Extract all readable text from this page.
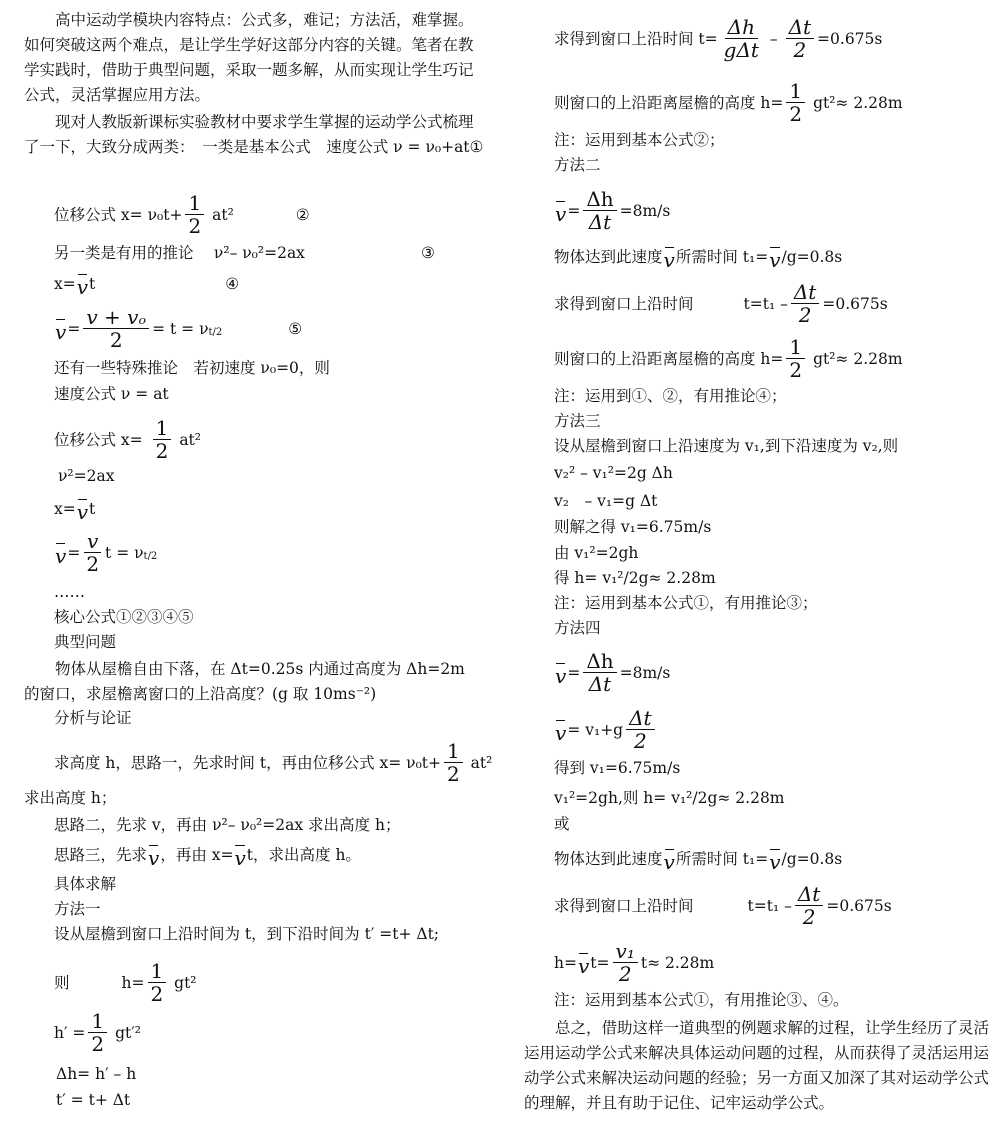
　　高中运动学模块内容特点：公式多，难记；方法活，难掌握。如何突破这两个难点，是让学生学好这部分内容的关键。笔者在教学实践时，借助于典型问题，采取一题多解，从而实现让学生巧记公式，灵活掌握应用方法。
　　现对人教版新课标实验教材中要求学生掌握的运动学公式梳理了一下，大致分成两类：　一类是基本公式　速度公式 ν = ν₀+at①
位移公式 $x= \nu_0t+ \frac{1}{2} at^2$	②
另一类是有用的推论　 ν²– ν₀²=2ax	③
x= v t	④
$v = \frac{\text{v + vₒ}}{2} = t = \nu$ t/2	⑤
还有一些特殊推论　若初速度 ν₀=0，则
速度公式 ν = at
位移公式 $x= \frac{1}{2} at^2$
ν²=2ax
x= v t
$v = \frac{v}{2}$ t = ν t/2
……
核心公式①②③④⑤
典型问题
　　物体从屋檐自由下落，在 Δt=0.25s 内通过高度为 Δh=2m 的窗口，求屋檐离窗口的上沿高度？(g 取 10ms⁻²)
分析与论证
求高度 h，思路一，先求时间 t，再由位移公式 $x= \nu_0t+ \frac{1}{2} at^2$
求出高度 h；
思路二，先求 v，再由 ν²– ν₀²=2ax 求出高度 h；
思路三，先求 v ，再由 x= v t，求出高度 h。
具体求解
方法一
设从屋檐到窗口上沿时间为 t，到下沿时间为 t′ =t+ Δt;
则	$h= \frac{1}{2} gt^2$
$h' = \frac{1}{2} gt'^2$
Δh= h′ – h
t′ = t+ Δt
求得到窗口上沿时间 $t= \frac{\Delta h}{\text{gΔt}} - \frac{\Delta t}{2} =0.675s$
则窗口的上沿距离屋檐的高度 $h= \frac{1}{2} gt^2\approx 2.28m$
注：运用到基本公式②；
方法二
$v = \frac{\Delta h}{\Delta t} =8m/s$
物体达到此速度 v 所需时间 t₁= v /g=0.8s
求得到窗口上沿时间	$t=t_1 - \frac{\Delta t}{2} =0.675s$
则窗口的上沿距离屋檐的高度 $h= \frac{1}{2} gt^2\approx 2.28m$
注：运用到①、②，有用推论④；
方法三
设从屋檐到窗口上沿速度为 v₁,到下沿速度为 v₂,则
v₂² – v₁²=2g Δh
v₂　– v₁=g Δt
则解之得 v₁=6.75m/s
由 v₁²=2gh
得 h= v₁²/2g≈ 2.28m
注：运用到基本公式①，有用推论③；
方法四
$v = \frac{\Delta h}{\Delta t} =8m/s$
$v = v_1+g \frac{\Delta t}{2}$
得到 v₁=6.75m/s
v₁²=2gh,则 h= v₁²/2g≈ 2.28m
或
物体达到此速度 v 所需时间 t₁= v /g=0.8s
求得到窗口上沿时间	$t=t_1 - \frac{\Delta t}{2} =0.675s$
h= v $t= \frac{\text{v₁}}{2} t\approx 2.28m$
注：运用到基本公式①，有用推论③、④。
　　总之，借助这样一道典型的例题求解的过程，让学生经历了灵活运用运动学公式来解决具体运动问题的过程，从而获得了灵活运用运动学公式来解决运动问题的经验；另一方面又加深了其对运动学公式的理解，并且有助于记住、记牢运动学公式。
